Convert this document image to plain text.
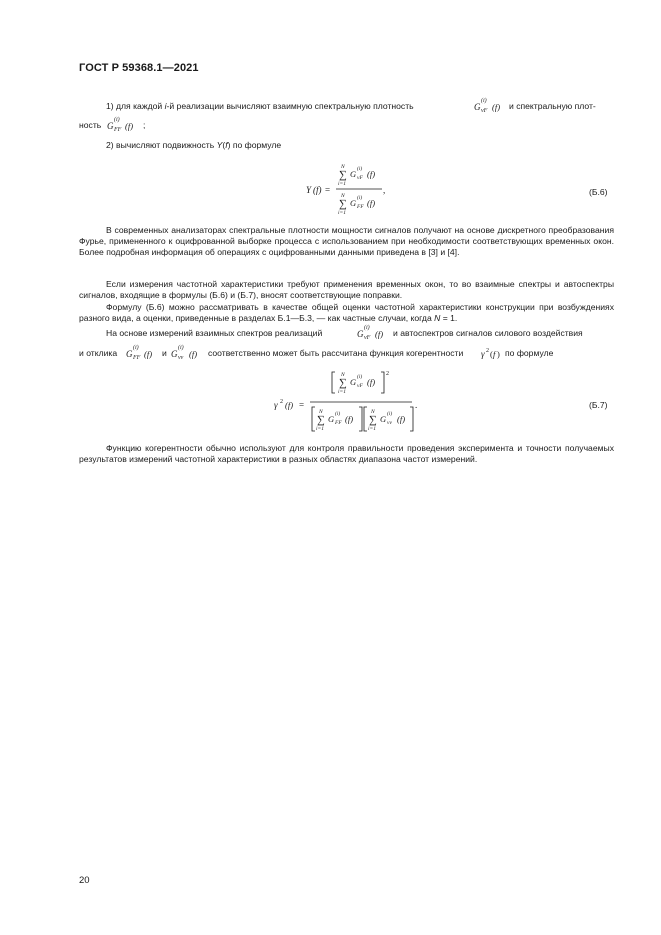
ГОСТ Р 59368.1—2021
1) для каждой i-й реализации вычисляют взаимную спектральную плотность	G
(i)
vF (f) и спектральную плот-
ность G
(i)
FF (f) ;
2) вычисляют подвижность Y(f) по формуле
Y (f) =
N
∑
i=1
G (i)
vF (f)
N
∑
i=1
G (i)
FF (f)
,	(Б.6)
В современных анализаторах спектральные плотности мощности сигналов получают на основе дискретного преобразования Фурье, примененного к оцифрованной выборке процесса с использованием при необходимости соответствующих временных окон. Более подробная информация об операциях с оцифрованными данными приведена в [3] и [4].
Если измерения частотной характеристики требуют применения временных окон, то во взаимные спектры и автоспектры сигналов, входящие в формулы (Б.6) и (Б.7), вносят соответствующие поправки.
Формулу (Б.6) можно рассматривать в качестве общей оценки частотной характеристики конструкции при возбуждениях разного вида, а оценки, приведенные в разделах Б.1—Б.3, — как частные случаи, когда N = 1.
На основе измерений взаимных спектров реализаций	G
(i)
vF (f) и автоспектров сигналов силового воздействия
и отклика G
(i)
FF (f) и G
(i)
vv (f) соответственно может быть рассчитана функция когерентности	γ 2 ( f ) по формуле
γ 2 (f) =
2
N
∑
i=1
G (i)
vF (f)
N
∑
i=1
G (i)
FF (f)
N
∑
i=1
G (i)
vv (f)
.	(Б.7)
Функцию когерентности обычно используют для контроля правильности проведения эксперимента и точности получаемых результатов измерений частотной характеристики в разных областях диапазона частот измерений.
20
